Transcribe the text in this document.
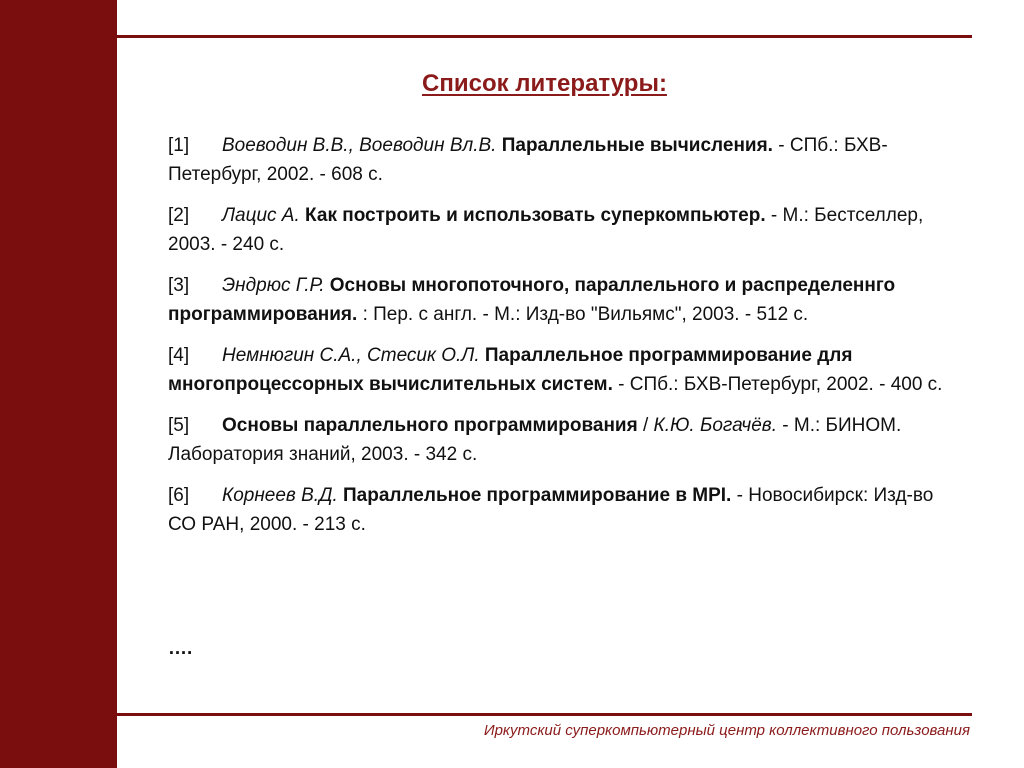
Список литературы:
[1] Воеводин В.В., Воеводин Вл.В. Параллельные вычисления. - СПб.: БХВ-Петербург, 2002. - 608 с.
[2] Лацис А. Как построить и использовать суперкомпьютер. - М.: Бестселлер, 2003. - 240 с.
[3] Эндрюс Г.Р. Основы многопоточного, параллельного и распределеннго программирования. : Пер. с англ. - М.: Изд-во "Вильямс", 2003. - 512 с.
[4] Немнюгин С.А., Стесик О.Л. Параллельное программирование для многопроцессорных вычислительных систем. - СПб.: БХВ-Петербург, 2002. - 400 с.
[5] Основы параллельного программирования / К.Ю. Богачёв. - М.: БИНОМ. Лаборатория знаний, 2003. - 342 с.
[6] Корнеев В.Д. Параллельное программирование в MPI. - Новосибирск: Изд-во СО РАН, 2000. - 213 с.
….
Иркутский суперкомпьютерный центр коллективного пользования
